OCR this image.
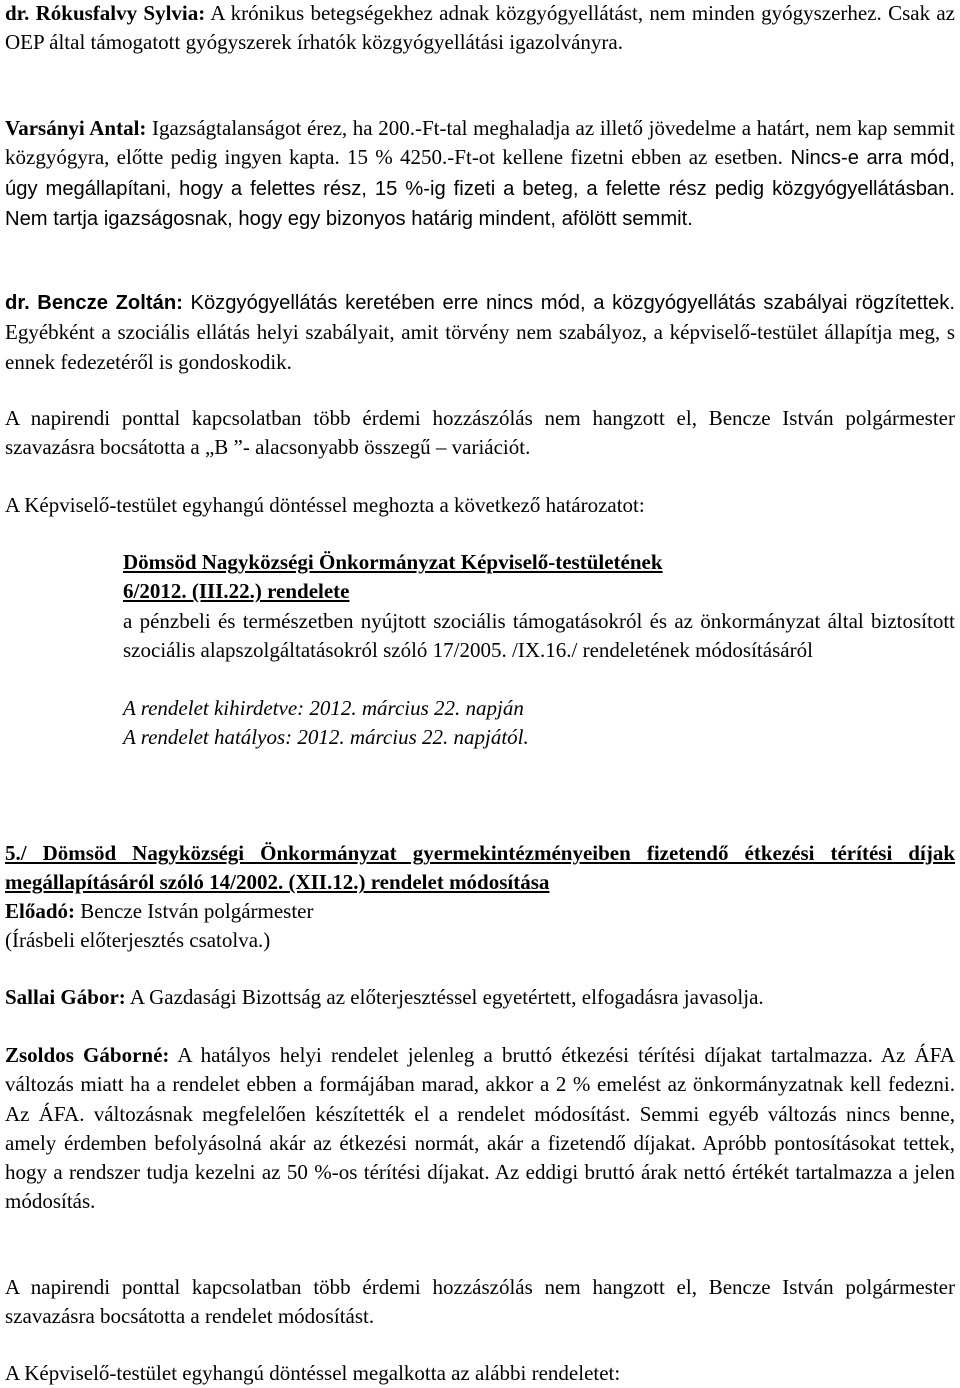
dr. Rókusfalvy Sylvia: A krónikus betegségekhez adnak közgyógyellátást, nem minden gyógyszerhez. Csak az OEP által támogatott gyógyszerek írhatók közgyógyellátási igazolványra.

Varsányi Antal: Igazságtalanságot érez, ha 200.-Ft-tal meghaladja az illető jövedelme a határt, nem kap semmit közgyógyra, előtte pedig ingyen kapta. 15 % 4250.-Ft-ot kellene fizetni ebben az esetben. Nincs-e arra mód, úgy megállapítani, hogy a felettes rész, 15 %-ig fizeti a beteg, a felette rész pedig közgyógyellátásban. Nem tartja igazságosnak, hogy egy bizonyos határig mindent, afölött semmit.

dr. Bencze Zoltán: Közgyógyellátás keretében erre nincs mód, a közgyógyellátás szabályai rögzítettek. Egyébként a szociális ellátás helyi szabályait, amit törvény nem szabályoz, a képviselő-testület állapítja meg, s ennek fedezetéről is gondoskodik.

A napirendi ponttal kapcsolatban több érdemi hozzászólás nem hangzott el, Bencze István polgármester szavazásra bocsátotta a „B ”- alacsonyabb összegű – variációt.

A Képviselő-testület egyhangú döntéssel meghozta a következő határozatot:

Dömsöd Nagyközségi Önkormányzat Képviselő-testületének

6/2012. (III.22.) rendelete

a pénzbeli és természetben nyújtott szociális támogatásokról és az önkormányzat által biztosított szociális alapszolgáltatásokról szóló 17/2005. /IX.16./ rendeletének módosításáról

A rendelet kihirdetve: 2012. március 22. napján

A rendelet hatályos: 2012. március 22. napjától.

5./ Dömsöd Nagyközségi Önkormányzat gyermekintézményeiben fizetendő étkezési térítési díjak megállapításáról szóló 14/2002. (XII.12.) rendelet módosítása

Előadó: Bencze István polgármester

(Írásbeli előterjesztés csatolva.)

Sallai Gábor: A Gazdasági Bizottság az előterjesztéssel egyetértett, elfogadásra javasolja.

Zsoldos Gáborné: A hatályos helyi rendelet jelenleg a bruttó étkezési térítési díjakat tartalmazza. Az ÁFA változás miatt ha a rendelet ebben a formájában marad, akkor a 2 % emelést az önkormányzatnak kell fedezni. Az ÁFA. változásnak megfelelően készítették el a rendelet módosítást. Semmi egyéb változás nincs benne, amely érdemben befolyásolná akár az étkezési normát, akár a fizetendő díjakat. Apróbb pontosításokat tettek, hogy a rendszer tudja kezelni az 50 %-os térítési díjakat. Az eddigi bruttó árak nettó értékét tartalmazza a jelen módosítás.

A napirendi ponttal kapcsolatban több érdemi hozzászólás nem hangzott el, Bencze István polgármester szavazásra bocsátotta a rendelet módosítást.

A Képviselő-testület egyhangú döntéssel megalkotta az alábbi rendeletet:
